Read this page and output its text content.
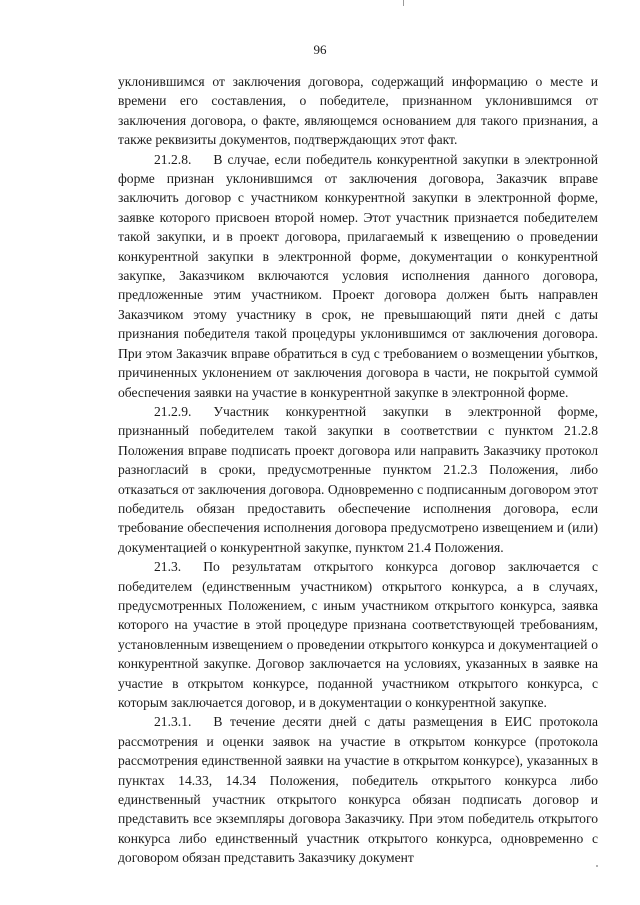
96

уклонившимся от заключения договора, содержащий информацию о месте и времени его составления, о победителе, признанном уклонившимся от заключения договора, о факте, являющемся основанием для такого признания, а также реквизиты документов, подтверждающих этот факт.

21.2.8. В случае, если победитель конкурентной закупки в электронной форме признан уклонившимся от заключения договора, Заказчик вправе заключить договор с участником конкурентной закупки в электронной форме, заявке которого присвоен второй номер. Этот участник признается победителем такой закупки, и в проект договора, прилагаемый к извещению о проведении конкурентной закупки в электронной форме, документации о конкурентной закупке, Заказчиком включаются условия исполнения данного договора, предложенные этим участником. Проект договора должен быть направлен Заказчиком этому участнику в срок, не превышающий пяти дней с даты признания победителя такой процедуры уклонившимся от заключения договора. При этом Заказчик вправе обратиться в суд с требованием о возмещении убытков, причиненных уклонением от заключения договора в части, не покрытой суммой обеспечения заявки на участие в конкурентной закупке в электронной форме.

21.2.9. Участник конкурентной закупки в электронной форме, признанный победителем такой закупки в соответствии с пунктом 21.2.8 Положения вправе подписать проект договора или направить Заказчику протокол разногласий в сроки, предусмотренные пунктом 21.2.3 Положения, либо отказаться от заключения договора. Одновременно с подписанным договором этот победитель обязан предоставить обеспечение исполнения договора, если требование обеспечения исполнения договора предусмотрено извещением и (или) документацией о конкурентной закупке, пунктом 21.4 Положения.

21.3. По результатам открытого конкурса договор заключается с победителем (единственным участником) открытого конкурса, а в случаях, предусмотренных Положением, с иным участником открытого конкурса, заявка которого на участие в этой процедуре признана соответствующей требованиям, установленным извещением о проведении открытого конкурса и документацией о конкурентной закупке. Договор заключается на условиях, указанных в заявке на участие в открытом конкурсе, поданной участником открытого конкурса, с которым заключается договор, и в документации о конкурентной закупке.

21.3.1. В течение десяти дней с даты размещения в ЕИС протокола рассмотрения и оценки заявок на участие в открытом конкурсе (протокола рассмотрения единственной заявки на участие в открытом конкурсе), указанных в пунктах 14.33, 14.34 Положения, победитель открытого конкурса либо единственный участник открытого конкурса обязан подписать договор и представить все экземпляры договора Заказчику. При этом победитель открытого конкурса либо единственный участник открытого конкурса, одновременно с договором обязан представить Заказчику документ
